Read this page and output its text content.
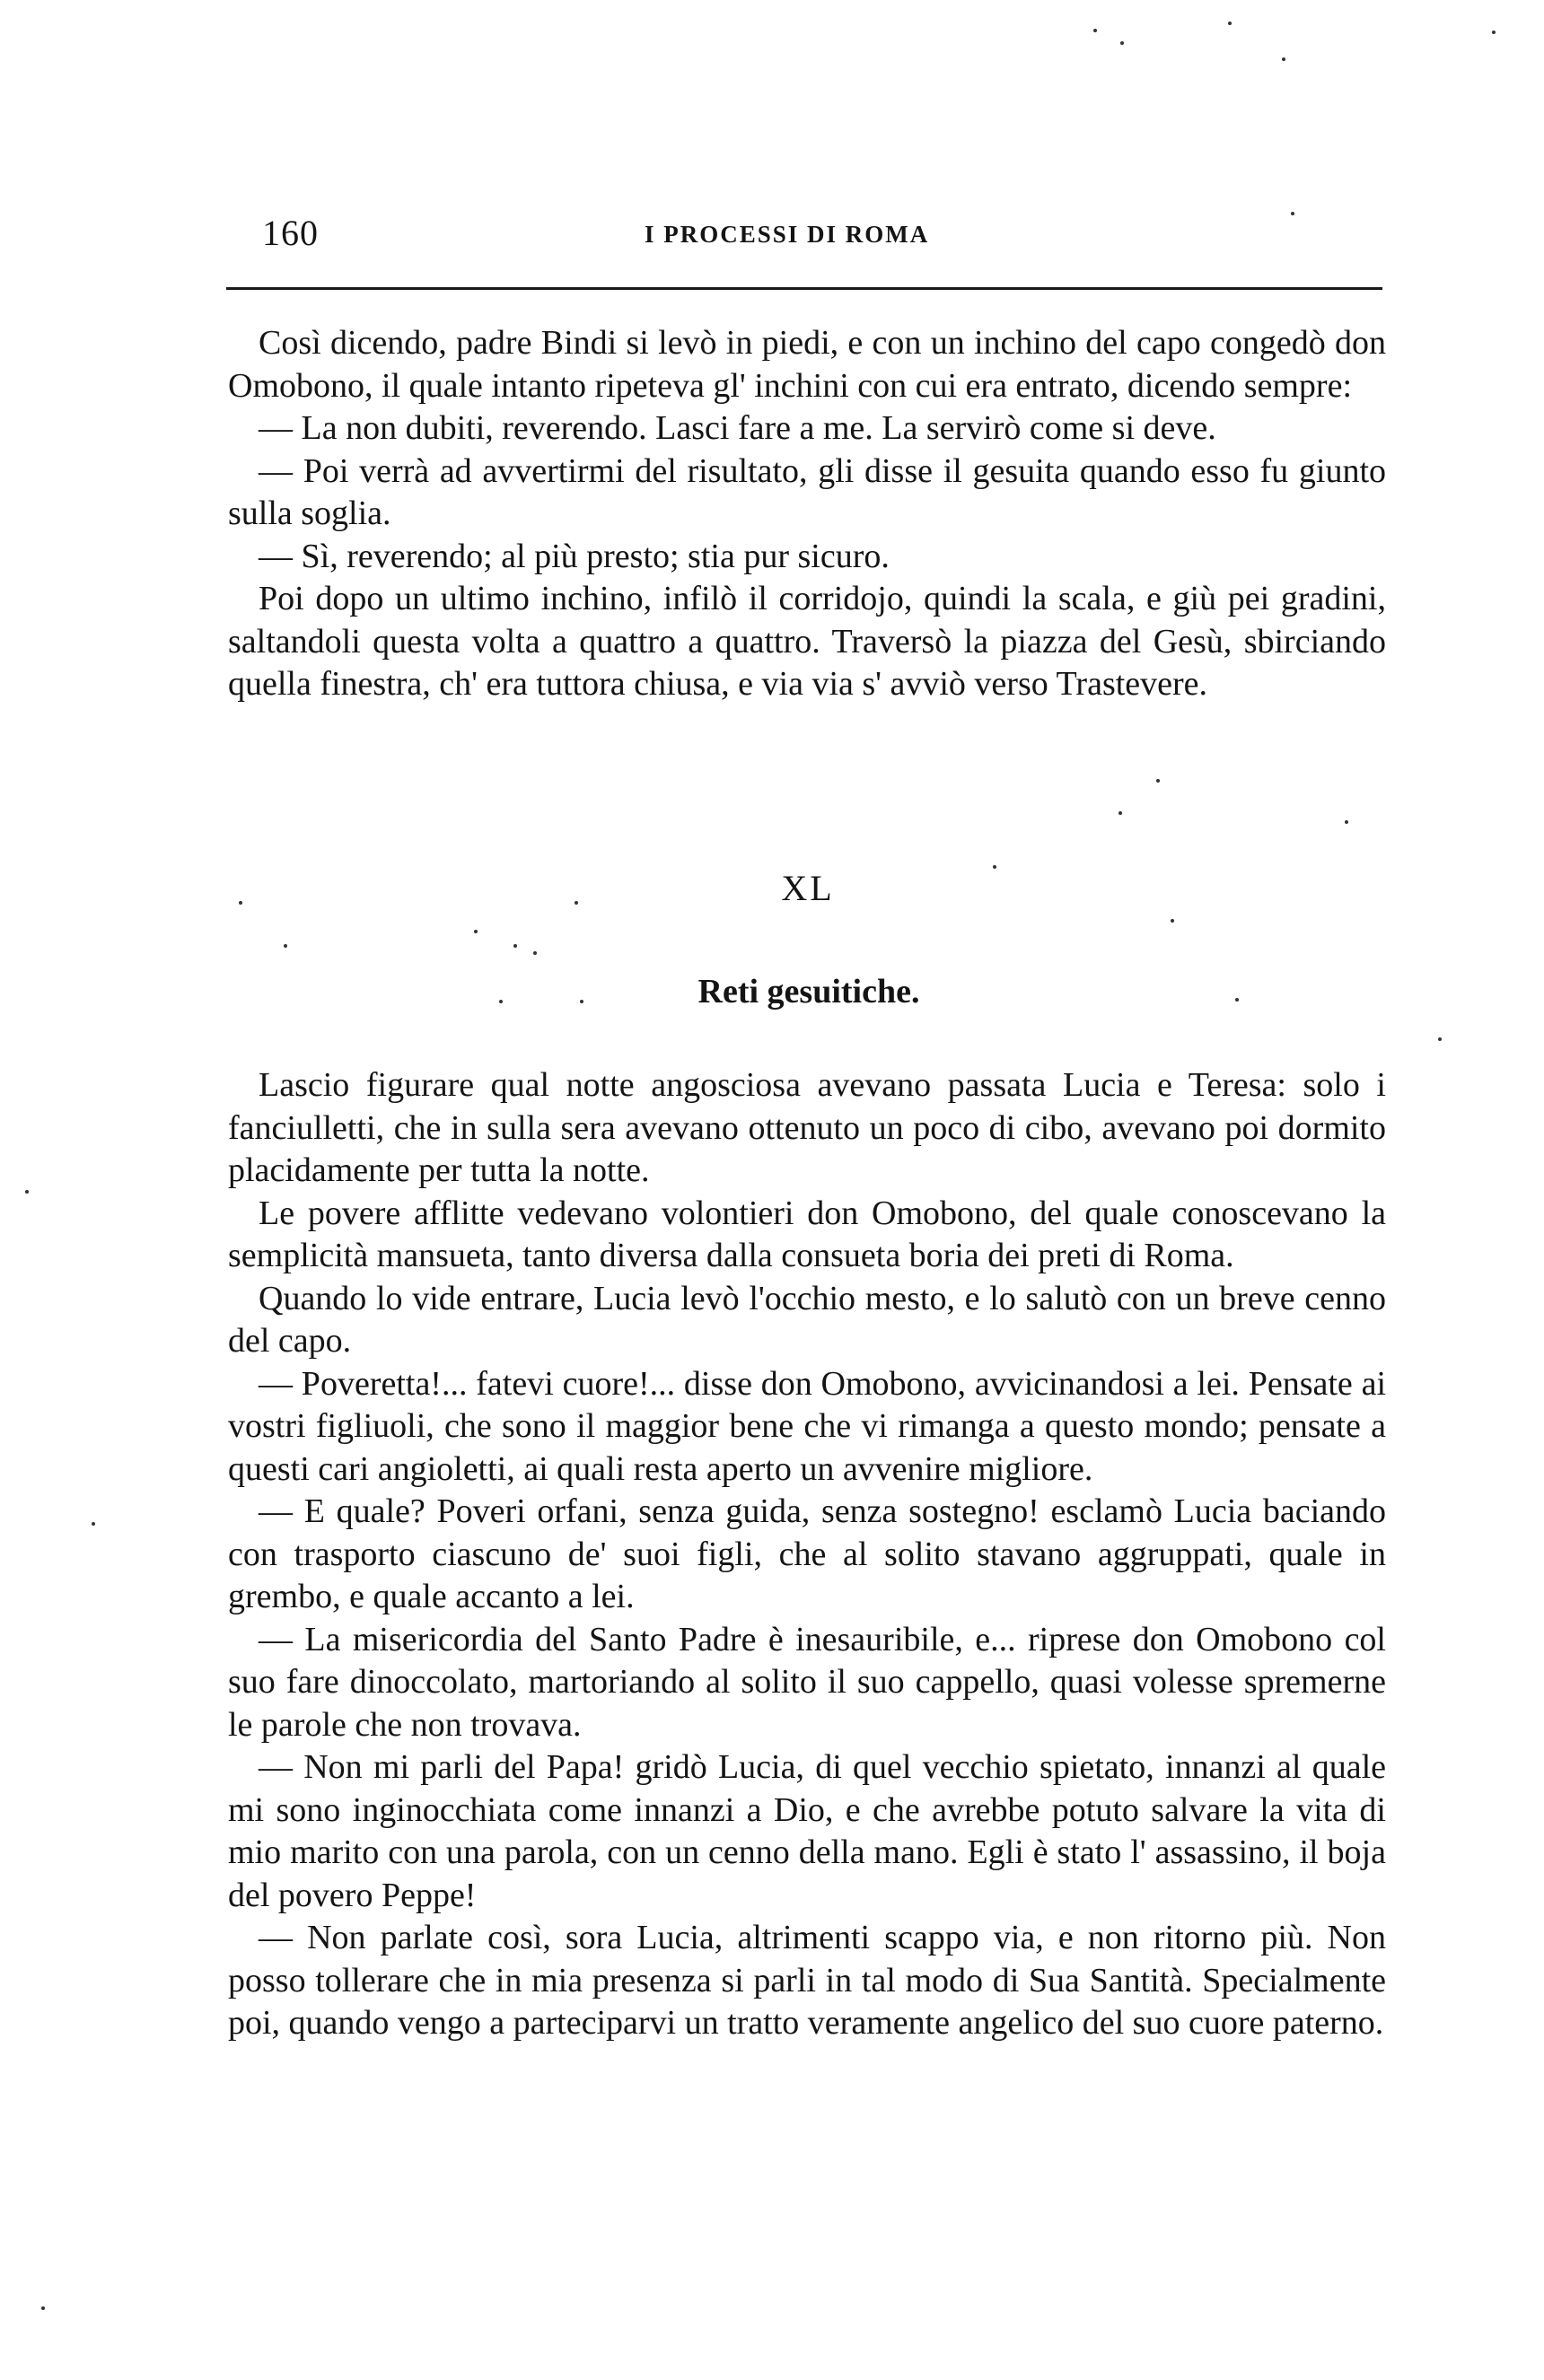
160	I PROCESSI DI ROMA

Così dicendo, padre Bindi si levò in piedi, e con un inchino del capo congedò don Omobono, il quale intanto ripeteva gl' inchini con cui era entrato, dicendo sempre:

— La non dubiti, reverendo. Lasci fare a me. La servirò come si deve.

— Poi verrà ad avvertirmi del risultato, gli disse il gesuita quando esso fu giunto sulla soglia.

— Sì, reverendo; al più presto; stia pur sicuro.

Poi dopo un ultimo inchino, infilò il corridojo, quindi la scala, e giù pei gradini, saltandoli questa volta a quattro a quattro. Traversò la piazza del Gesù, sbirciando quella finestra, ch' era tuttora chiusa, e via via s' avviò verso Trastevere.

XL
Reti gesuitiche.

Lascio figurare qual notte angosciosa avevano passata Lucia e Teresa: solo i fanciulletti, che in sulla sera avevano ottenuto un poco di cibo, avevano poi dormito placidamente per tutta la notte.

Le povere afflitte vedevano volontieri don Omobono, del quale conoscevano la semplicità mansueta, tanto diversa dalla consueta boria dei preti di Roma.

Quando lo vide entrare, Lucia levò l'occhio mesto, e lo salutò con un breve cenno del capo.

— Poveretta!... fatevi cuore!... disse don Omobono, avvicinandosi a lei. Pensate ai vostri figliuoli, che sono il maggior bene che vi rimanga a questo mondo; pensate a questi cari angioletti, ai quali resta aperto un avvenire migliore.

— E quale? Poveri orfani, senza guida, senza sostegno! esclamò Lucia baciando con trasporto ciascuno de' suoi figli, che al solito stavano aggruppati, quale in grembo, e quale accanto a lei.

— La misericordia del Santo Padre è inesauribile, e... riprese don Omobono col suo fare dinoccolato, martoriando al solito il suo cappello, quasi volesse spremerne le parole che non trovava.

— Non mi parli del Papa! gridò Lucia, di quel vecchio spietato, innanzi al quale mi sono inginocchiata come innanzi a Dio, e che avrebbe potuto salvare la vita di mio marito con una parola, con un cenno della mano. Egli è stato l' assassino, il boja del povero Peppe!

— Non parlate così, sora Lucia, altrimenti scappo via, e non ritorno più. Non posso tollerare che in mia presenza si parli in tal modo di Sua Santità. Specialmente poi, quando vengo a parteciparvi un tratto veramente angelico del suo cuore paterno.
